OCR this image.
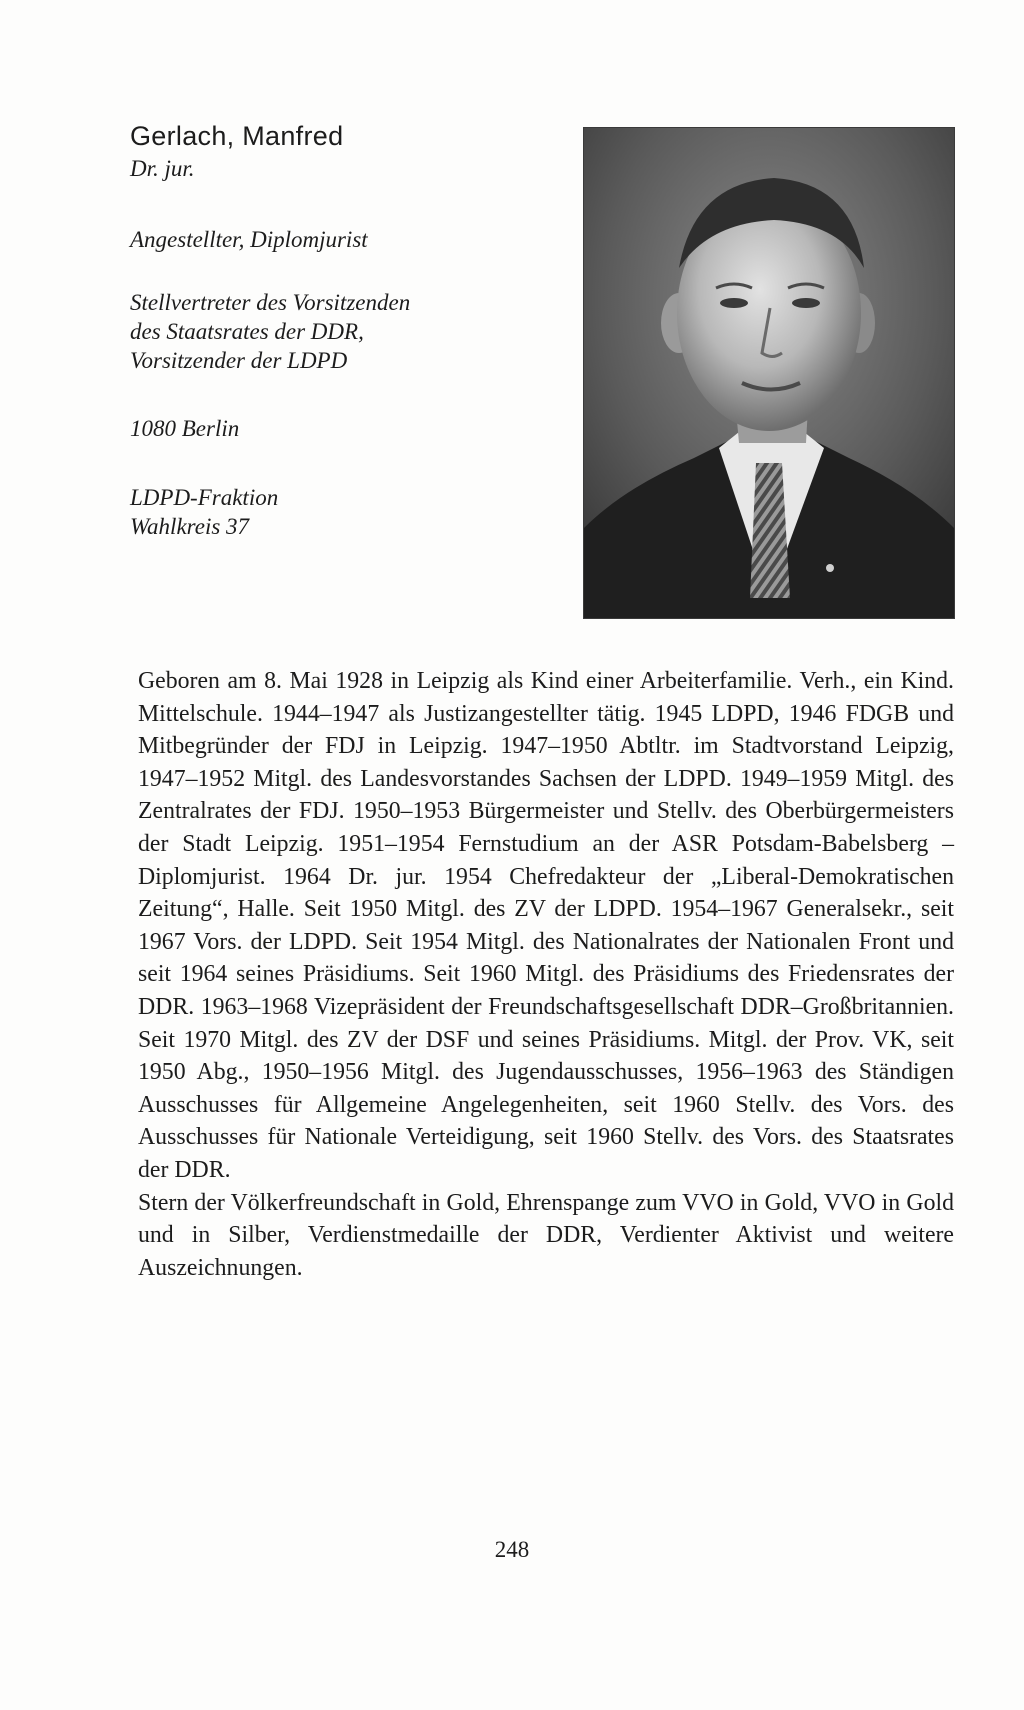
Gerlach, Manfred

Dr. jur.

Angestellter, Diplomjurist

Stellvertreter des Vorsitzenden
des Staatsrates der DDR,
Vorsitzender der LDPD

1080 Berlin

LDPD-Fraktion
Wahlkreis 37

Geboren am 8. Mai 1928 in Leipzig als Kind einer Arbeiterfamilie. Verh., ein Kind. Mittelschule. 1944–1947 als Justizangestellter tätig. 1945 LDPD, 1946 FDGB und Mitbegründer der FDJ in Leipzig. 1947–1950 Abtltr. im Stadtvorstand Leipzig, 1947–1952 Mitgl. des Landesvorstandes Sachsen der LDPD. 1949–1959 Mitgl. des Zentralrates der FDJ. 1950–1953 Bürgermeister und Stellv. des Oberbürgermeisters der Stadt Leipzig. 1951–1954 Fernstudium an der ASR Potsdam-Babelsberg – Diplomjurist. 1964 Dr. jur. 1954 Chefredakteur der „Liberal-Demokratischen Zeitung“, Halle. Seit 1950 Mitgl. des ZV der LDPD. 1954–1967 Generalsekr., seit 1967 Vors. der LDPD. Seit 1954 Mitgl. des Nationalrates der Nationalen Front und seit 1964 seines Präsidiums. Seit 1960 Mitgl. des Präsidiums des Friedensrates der DDR. 1963–1968 Vizepräsident der Freundschaftsgesellschaft DDR–Großbritannien. Seit 1970 Mitgl. des ZV der DSF und seines Präsidiums. Mitgl. der Prov. VK, seit 1950 Abg., 1950–1956 Mitgl. des Jugendausschusses, 1956–1963 des Ständigen Ausschusses für Allgemeine Angelegenheiten, seit 1960 Stellv. des Vors. des Ausschusses für Nationale Verteidigung, seit 1960 Stellv. des Vors. des Staatsrates der DDR.

Stern der Völkerfreundschaft in Gold, Ehrenspange zum VVO in Gold, VVO in Gold und in Silber, Verdienstmedaille der DDR, Verdienter Aktivist und weitere Auszeichnungen.

248
